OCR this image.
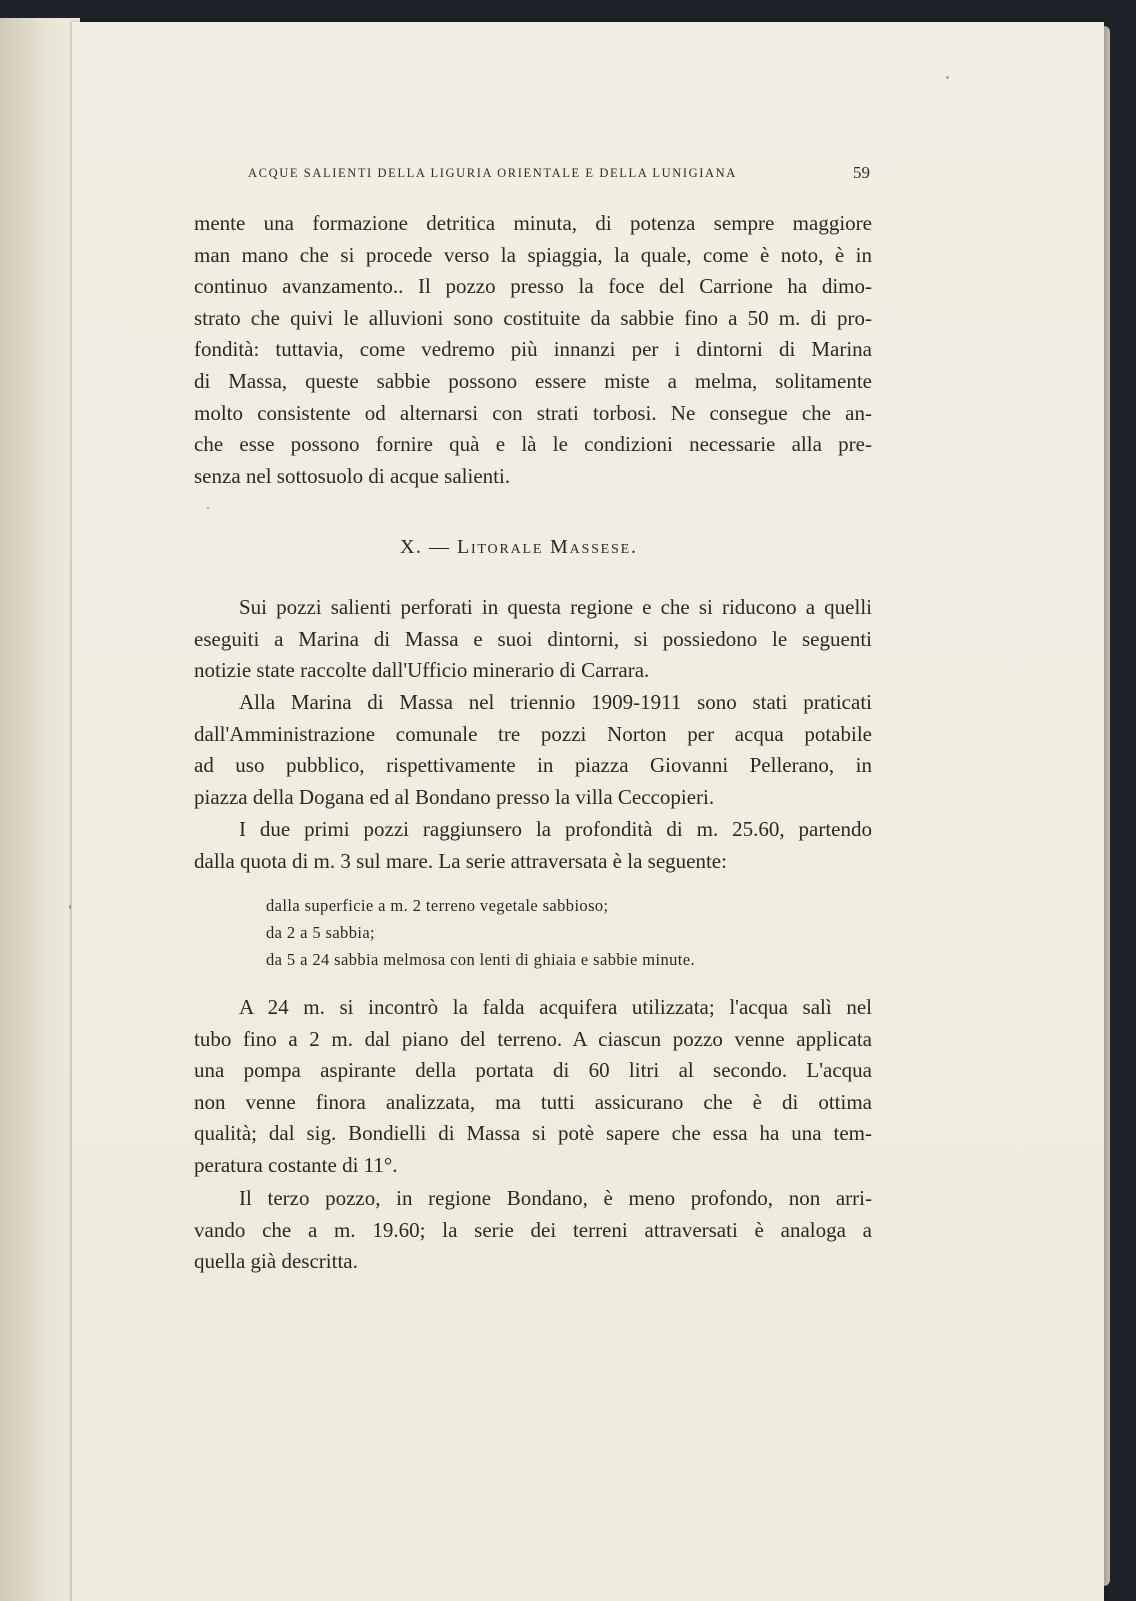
ACQUE SALIENTI DELLA LIGURIA ORIENTALE E DELLA LUNIGIANA	59
mente una formazione detritica minuta, di potenza sempre maggiore
man mano che si procede verso la spiaggia, la quale, come è noto, è in
continuo avanzamento.. Il pozzo presso la foce del Carrione ha dimo-
strato che quivi le alluvioni sono costituite da sabbie fino a 50 m. di pro-
fondità: tuttavia, come vedremo più innanzi per i dintorni di Marina
di Massa, queste sabbie possono essere miste a melma, solitamente
molto consistente od alternarsi con strati torbosi. Ne consegue che an-
che esse possono fornire quà e là le condizioni necessarie alla pre-
senza nel sottosuolo di acque salienti.
X. — Litorale Massese.
Sui pozzi salienti perforati in questa regione e che si riducono a quelli
eseguiti a Marina di Massa e suoi dintorni, si possiedono le seguenti
notizie state raccolte dall'Ufficio minerario di Carrara.
Alla Marina di Massa nel triennio 1909-1911 sono stati praticati
dall'Amministrazione comunale tre pozzi Norton per acqua potabile
ad uso pubblico, rispettivamente in piazza Giovanni Pellerano, in
piazza della Dogana ed al Bondano presso la villa Ceccopieri.
I due primi pozzi raggiunsero la profondità di m. 25.60, partendo
dalla quota di m. 3 sul mare. La serie attraversata è la seguente:
dalla superficie a m. 2 terreno vegetale sabbioso;
da 2 a 5 sabbia;
da 5 a 24 sabbia melmosa con lenti di ghiaia e sabbie minute.
A 24 m. si incontrò la falda acquifera utilizzata; l'acqua salì nel
tubo fino a 2 m. dal piano del terreno. A ciascun pozzo venne applicata
una pompa aspirante della portata di 60 litri al secondo. L'acqua
non venne finora analizzata, ma tutti assicurano che è di ottima
qualità; dal sig. Bondielli di Massa si potè sapere che essa ha una tem-
peratura costante di 11°.
Il terzo pozzo, in regione Bondano, è meno profondo, non arri-
vando che a m. 19.60; la serie dei terreni attraversati è analoga a
quella già descritta.
